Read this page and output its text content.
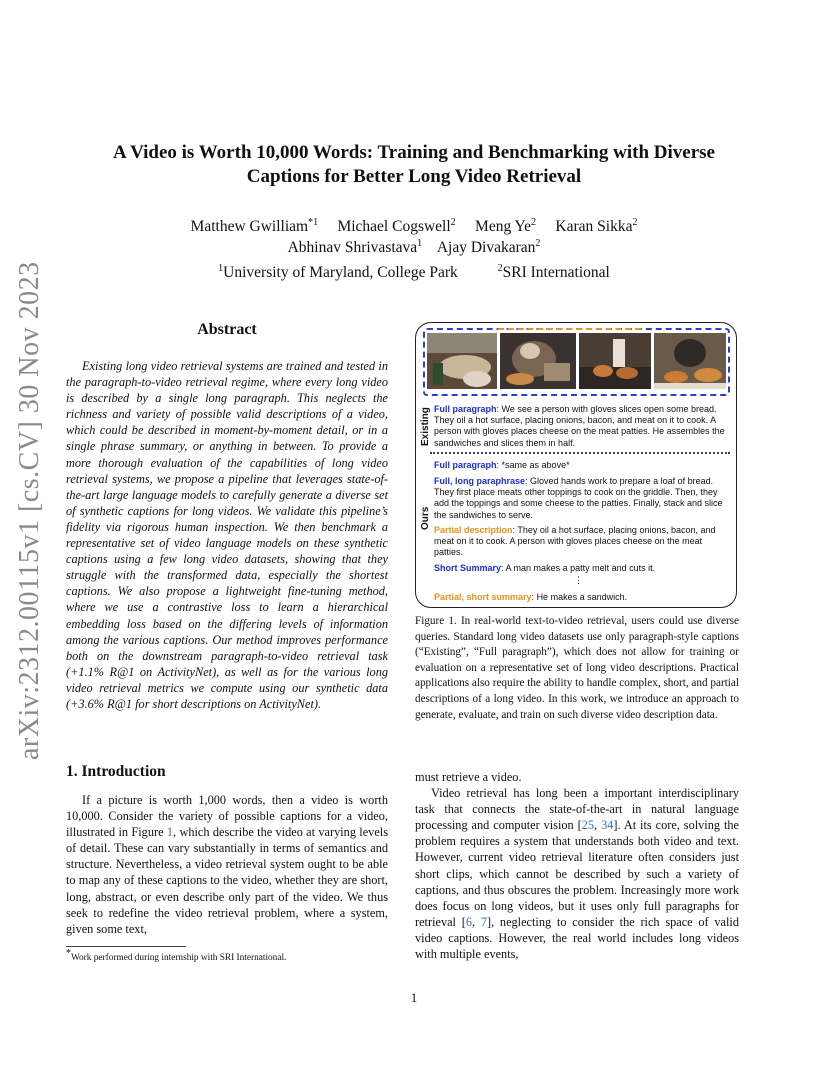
arXiv:2312.00115v1 [cs.CV] 30 Nov 2023
A Video is Worth 10,000 Words: Training and Benchmarking with Diverse
Captions for Better Long Video Retrieval
Matthew Gwilliam$^{*1}$ Michael Cogswell$^2$ Meng Ye$^2$ Karan Sikka$^2$
Abhinav Shrivastava$^1$ Ajay Divakaran$^2$
$^1$University of Maryland, College Park	$^2$SRI International
Abstract
Existing long video retrieval systems are trained and tested in the paragraph-to-video retrieval regime, where every long video is described by a single long paragraph. This neglects the richness and variety of possible valid descriptions of a video, which could be described in moment-by-moment detail, or in a single phrase summary, or anything in between. To provide a more thorough evaluation of the capabilities of long video retrieval systems, we propose a pipeline that leverages state-of-the-art large language models to carefully generate a diverse set of synthetic captions for long videos. We validate this pipeline’s fidelity via rigorous human inspection. We then benchmark a representative set of video language models on these synthetic captions using a few long video datasets, showing that they struggle with the transformed data, especially the shortest captions. We also propose a lightweight fine-tuning method, where we use a contrastive loss to learn a hierarchical embedding loss based on the differing levels of information among the various captions. Our method improves performance both on the downstream paragraph-to-video retrieval task (+1.1% R@1 on ActivityNet), as well as for the various long video retrieval metrics we compute using our synthetic data (+3.6% R@1 for short descriptions on ActivityNet).
Existing Full paragraph: We see a person with gloves slices open some bread. They oil a hot surface, placing onions, bacon, and meat on it to cook. A person with gloves places cheese on the meat patties. He assembles the sandwiches and slices them in half.
Ours
Full paragraph: *same as above*
Full, long paraphrase: Gloved hands work to prepare a loaf of bread. They first place meats other toppings to cook on the griddle. Then, they add the toppings and some cheese to the patties. Finally, stack and slice the sandwiches to serve.
Partial description: They oil a hot surface, placing onions, bacon, and meat on it to cook. A person with gloves places cheese on the meat patties.
Short Summary: A man makes a patty melt and cuts it.
⋮
Partial, short summary: He makes a sandwich.
Figure 1. In real-world text-to-video retrieval, users could use diverse queries. Standard long video datasets use only paragraph-style captions (“Existing”, “Full paragraph”), which does not allow for training or evaluation on a representative set of long video descriptions. Practical applications also require the ability to handle complex, short, and partial descriptions of a long video. In this work, we introduce an approach to generate, evaluate, and train on such diverse video description data.
1. Introduction
If a picture is worth 1,000 words, then a video is worth 10,000. Consider the variety of possible captions for a video, illustrated in Figure 1, which describe the video at varying levels of detail. These can vary substantially in terms of semantics and structure. Nevertheless, a video retrieval system ought to be able to map any of these captions to the video, whether they are short, long, abstract, or even describe only part of the video. We thus seek to redefine the video retrieval problem, where a system, given some text,

must retrieve a video.

Video retrieval has long been a important interdisciplinary task that connects the state-of-the-art in natural language processing and computer vision [25, 34]. At its core, solving the problem requires a system that understands both video and text. However, current video retrieval literature often considers just short clips, which cannot be described by such a variety of captions, and thus obscures the problem. Increasingly more work does focus on long videos, but it uses only full paragraphs for retrieval [6, 7], neglecting to consider the rich space of valid video captions. However, the real world includes long videos with multiple events,

*Work performed during internship with SRI International.
1
